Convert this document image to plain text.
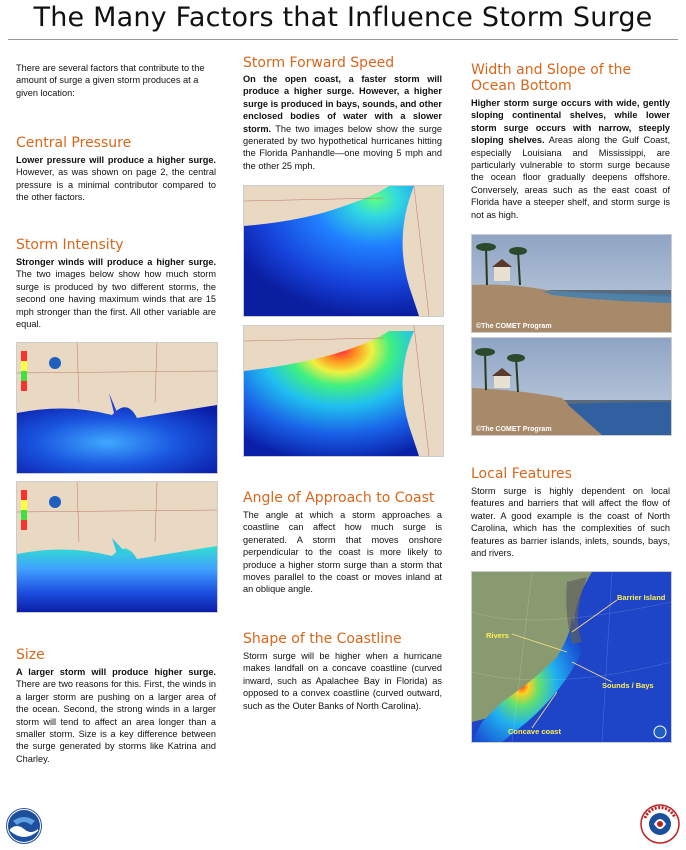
The Many Factors that Influence Storm Surge

There are several factors that contribute to the amount of surge a given storm produces at a given location:

Central Pressure

Lower pressure will produce a higher surge. However, as was shown on page 2, the central pressure is a minimal contributor compared to the other factors.

Storm Intensity

Stronger winds will produce a higher surge. The two images below show how much storm surge is produced by two different storms, the second one having maximum winds that are 15 mph stronger than the first. All other variable are equal.

Size

A larger storm will produce higher surge. There are two reasons for this. First, the winds in a larger storm are pushing on a larger area of the ocean. Second, the strong winds in a larger storm will tend to affect an area longer than a smaller storm. Size is a key difference between the surge generated by storms like Katrina and Charley.

Storm Forward Speed

On the open coast, a faster storm will produce a higher surge. However, a higher surge is produced in bays, sounds, and other enclosed bodies of water with a slower storm. The two images below show the surge generated by two hypothetical hurricanes hitting the Florida Panhandle—one moving 5 mph and the other 25 mph.

Angle of Approach to Coast

The angle at which a storm approaches a coastline can affect how much surge is generated. A storm that moves onshore perpendicular to the coast is more likely to produce a higher storm surge than a storm that moves parallel to the coast or moves inland at an oblique angle.

Shape of the Coastline

Storm surge will be higher when a hurricane makes landfall on a concave coastline (curved inward, such as Apalachee Bay in Florida) as opposed to a convex coastline (curved outward, such as the Outer Banks of North Carolina).

Width and Slope of the
Ocean Bottom

Higher storm surge occurs with wide, gently sloping continental shelves, while lower storm surge occurs with narrow, steeply sloping shelves. Areas along the Gulf Coast, especially Louisiana and Mississippi, are particularly vulnerable to storm surge because the ocean floor gradually deepens offshore. Conversely, areas such as the east coast of Florida have a steeper shelf, and storm surge is not as high.

©The COMET Program
©The COMET Program

Local Features

Storm surge is highly dependent on local features and barriers that will affect the flow of water. A good example is the coast of North Carolina, which has the complexities of such features as barrier islands, inlets, sounds, bays, and rivers.

Barrier Island
Rivers
Sounds / Bays
Concave coast
